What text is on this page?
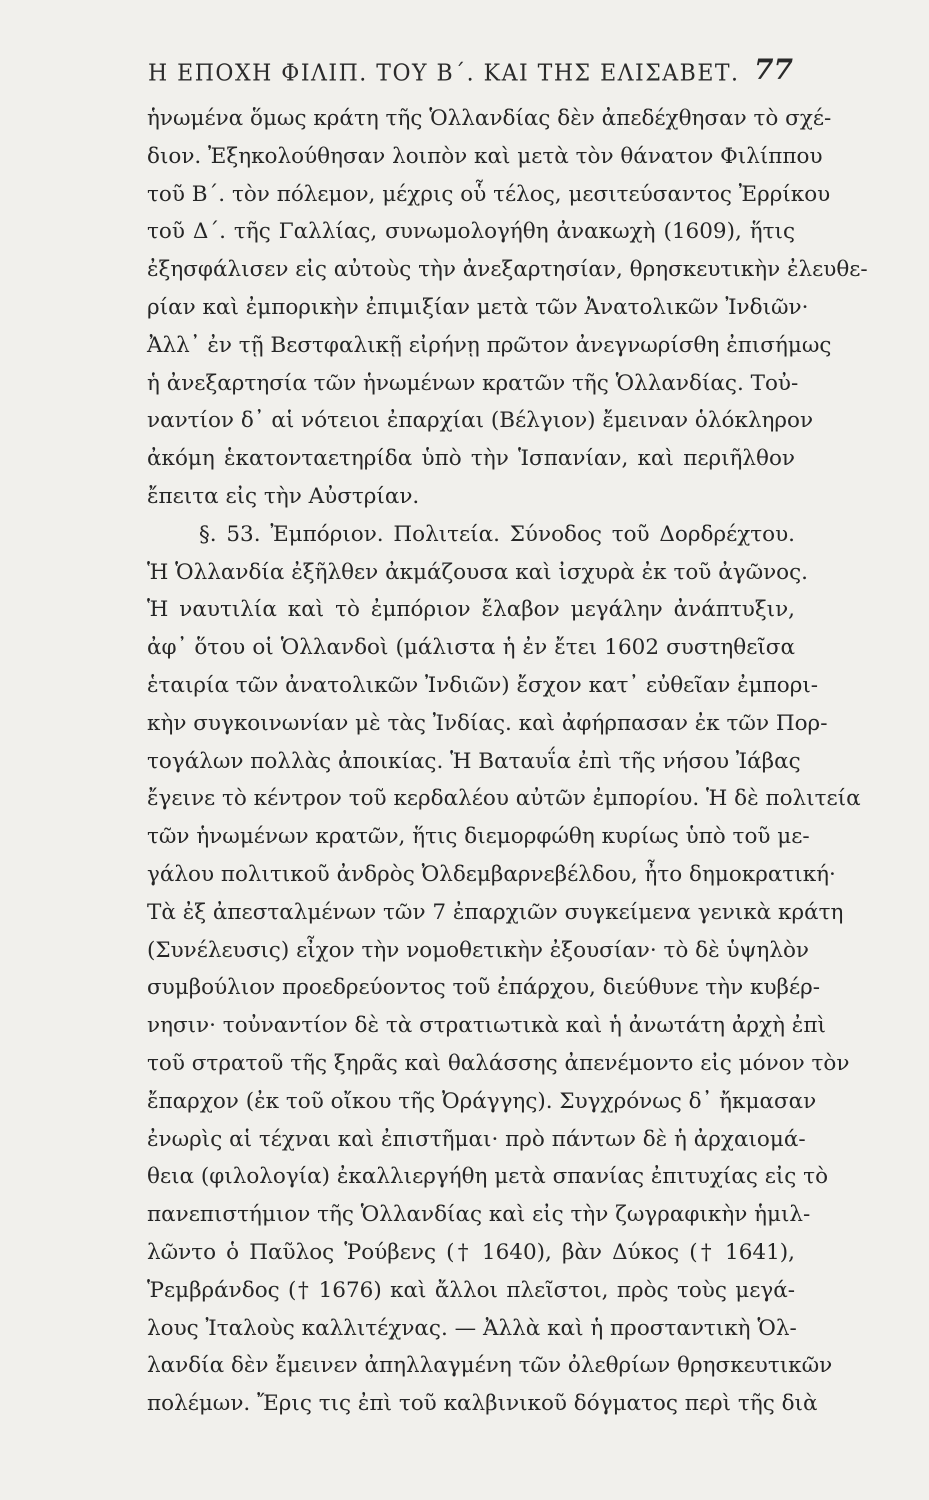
Η ΕΠΟΧΗ ΦΙΛΙΠ. ΤΟΥ Β΄. ΚΑΙ ΤΗΣ ΕΛΙΣΑΒΕΤ. 77
ἡνωμένα ὅμως κράτη τῆς Ὁλλανδίας δὲν ἀπεδέχθησαν τὸ σχέ-
διον. Ἐξηκολούθησαν λοιπὸν καὶ μετὰ τὸν θάνατον Φιλίππου
τοῦ Β΄. τὸν πόλεμον, μέχρις οὗ τέλος, μεσιτεύσαντος Ἐρρίκου
τοῦ Δ΄. τῆς Γαλλίας, συνωμολογήθη ἀνακωχὴ (1609), ἥτις
ἐξησφάλισεν εἰς αὐτοὺς τὴν ἀνεξαρτησίαν, θρησκευτικὴν ἐλευθε-
ρίαν καὶ ἐμπορικὴν ἐπιμιξίαν μετὰ τῶν Ἀνατολικῶν Ἰνδιῶν·
Ἀλλ᾽ ἐν τῇ Βεστφαλικῇ εἰρήνῃ πρῶτον ἀνεγνωρίσθη ἐπισήμως
ἡ ἀνεξαρτησία τῶν ἡνωμένων κρατῶν τῆς Ὁλλανδίας. Τοὐ-
ναντίον δ᾽ αἱ νότειοι ἐπαρχίαι (Βέλγιον) ἔμειναν ὁλόκληρον
ἀκόμη ἑκατονταετηρίδα ὑπὸ τὴν Ἱσπανίαν, καὶ περιῆλθον
ἔπειτα εἰς τὴν Αὐστρίαν.
§. 53. Ἐμπόριον. Πολιτεία. Σύνοδος τοῦ Δορδρέχτου.
Ἡ Ὁλλανδία ἐξῆλθεν ἀκμάζουσα καὶ ἰσχυρὰ ἐκ τοῦ ἀγῶνος.
Ἡ ναυτιλία καὶ τὸ ἐμπόριον ἔλαβον μεγάλην ἀνάπτυξιν,
ἀφ᾽ ὅτου οἱ Ὁλλανδοὶ (μάλιστα ἡ ἐν ἔτει 1602 συστηθεῖσα
ἑταιρία τῶν ἀνατολικῶν Ἰνδιῶν) ἔσχον κατ᾽ εὐθεῖαν ἐμπορι-
κὴν συγκοινωνίαν μὲ τὰς Ἰνδίας. καὶ ἀφήρπασαν ἐκ τῶν Πορ-
τογάλων πολλὰς ἀποικίας. Ἡ Βαταυΐα ἐπὶ τῆς νήσου Ἰάβας
ἔγεινε τὸ κέντρον τοῦ κερδαλέου αὐτῶν ἐμπορίου. Ἡ δὲ πολιτεία
τῶν ἡνωμένων κρατῶν, ἥτις διεμορφώθη κυρίως ὑπὸ τοῦ με-
γάλου πολιτικοῦ ἀνδρὸς Ὀλδεμβαρνεβέλδου, ἦτο δημοκρατική·
Τὰ ἐξ ἀπεσταλμένων τῶν 7 ἐπαρχιῶν συγκείμενα γενικὰ κράτη
(Συνέλευσις) εἶχον τὴν νομοθετικὴν ἐξουσίαν· τὸ δὲ ὑψηλὸν
συμβούλιον προεδρεύοντος τοῦ ἐπάρχου, διεύθυνε τὴν κυβέρ-
νησιν· τοὐναντίον δὲ τὰ στρατιωτικὰ καὶ ἡ ἀνωτάτη ἀρχὴ ἐπὶ
τοῦ στρατοῦ τῆς ξηρᾶς καὶ θαλάσσης ἀπενέμοντο εἰς μόνον τὸν
ἔπαρχον (ἐκ τοῦ οἴκου τῆς Ὀράγγης). Συγχρόνως δ᾽ ἤκμασαν
ἐνωρὶς αἱ τέχναι καὶ ἐπιστῆμαι· πρὸ πάντων δὲ ἡ ἀρχαιομά-
θεια (φιλολογία) ἐκαλλιεργήθη μετὰ σπανίας ἐπιτυχίας εἰς τὸ
πανεπιστήμιον τῆς Ὁλλανδίας καὶ εἰς τὴν ζωγραφικὴν ἡμιλ-
λῶντο ὁ Παῦλος Ῥούβενς († 1640), βὰν Δύκος († 1641),
Ῥεμβράνδος († 1676) καὶ ἄλλοι πλεῖστοι, πρὸς τοὺς μεγά-
λους Ἰταλοὺς καλλιτέχνας. — Ἀλλὰ καὶ ἡ προσταντικὴ Ὁλ-
λανδία δὲν ἔμεινεν ἀπηλλαγμένη τῶν ὀλεθρίων θρησκευτικῶν
πολέμων. Ἔρις τις ἐπὶ τοῦ καλβινικοῦ δόγματος περὶ τῆς διὰ
